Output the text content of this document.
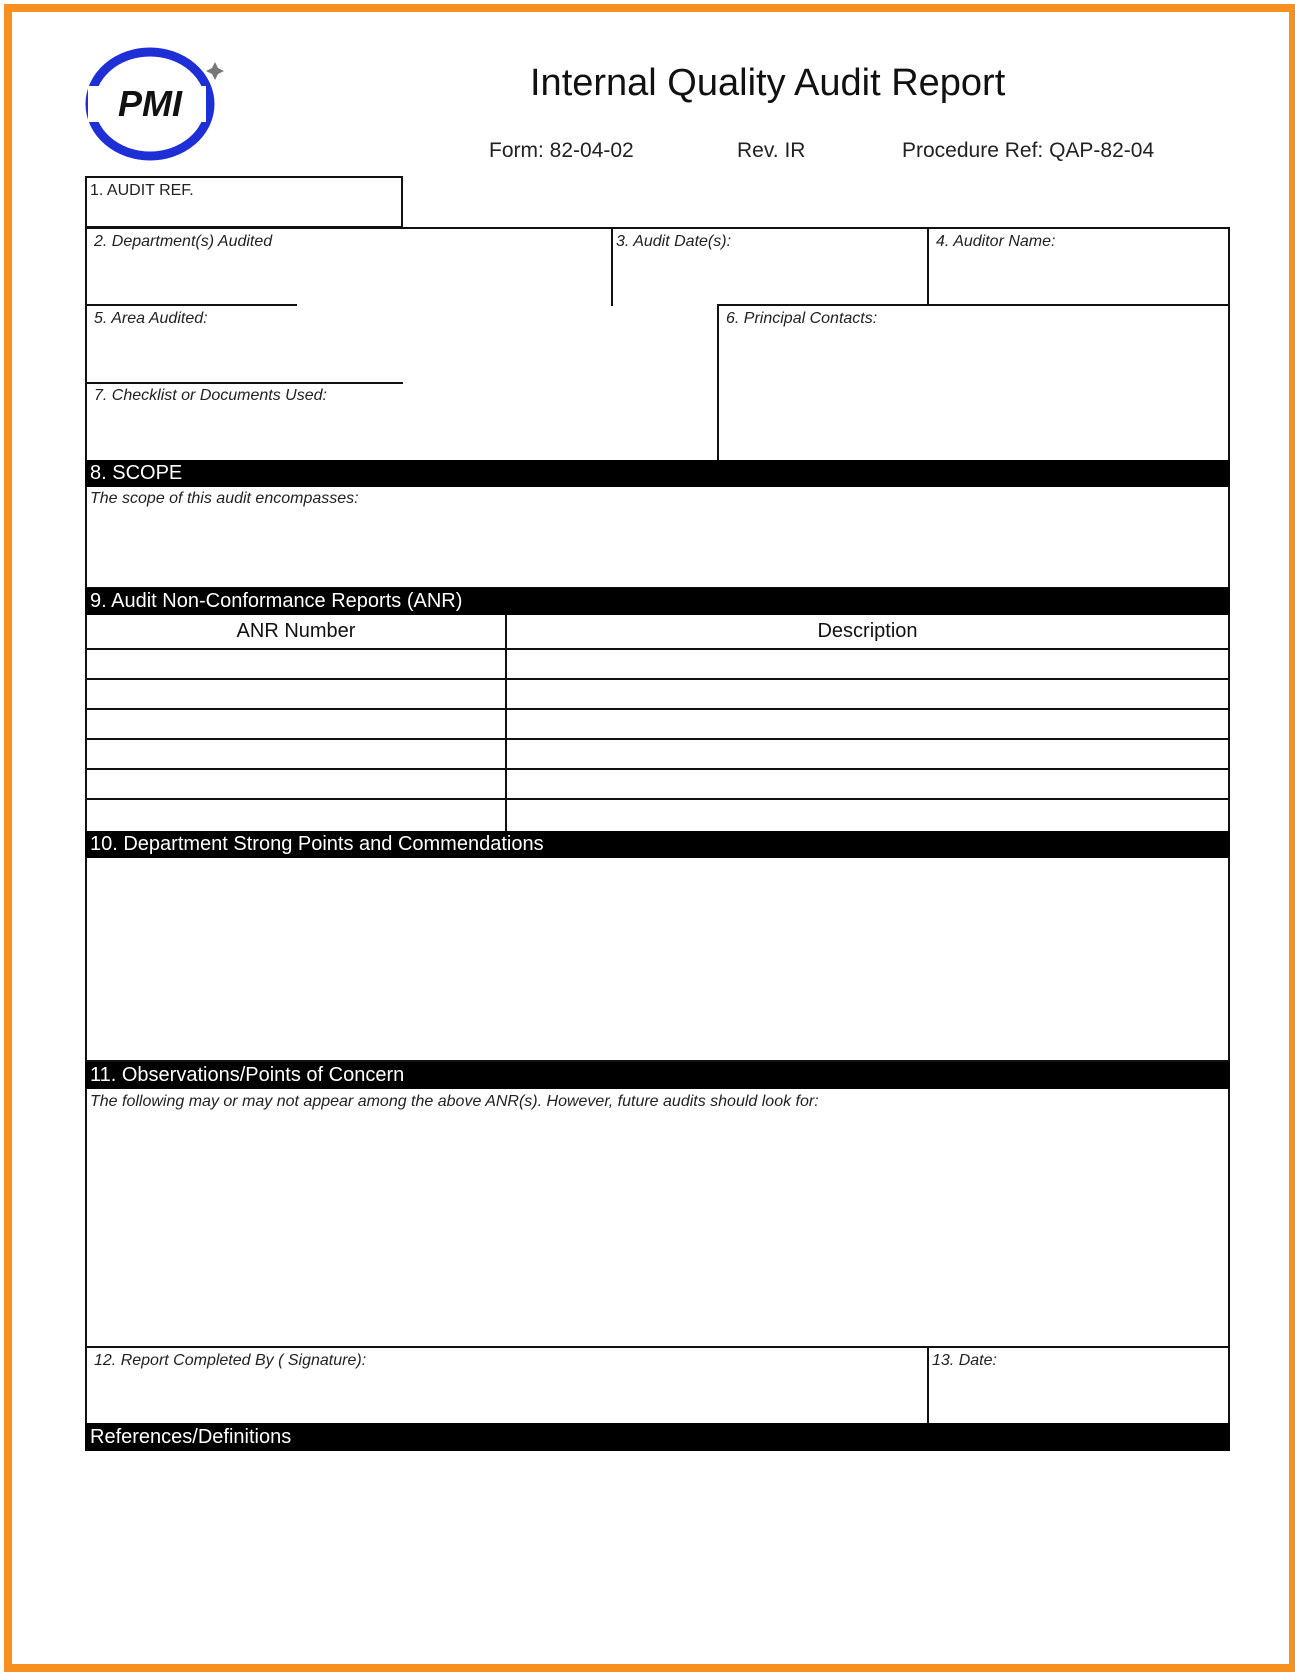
PMI	Internal Quality Audit Report
Form: 82-04-02	Rev. IR	Procedure Ref: QAP-82-04
1. AUDIT REF.
2. Department(s) Audited	3. Audit Date(s):	4. Auditor Name:
5. Area Audited:	6. Principal Contacts:
7. Checklist or Documents Used:
8. SCOPE
The scope of this audit encompasses:
9. Audit Non-Conformance Reports (ANR)
ANR Number	Description
10. Department Strong Points and Commendations
11. Observations/Points of Concern
The following may or may not appear among the above ANR(s). However, future audits should look for:
12. Report Completed By ( Signature):	13. Date:
References/Definitions
